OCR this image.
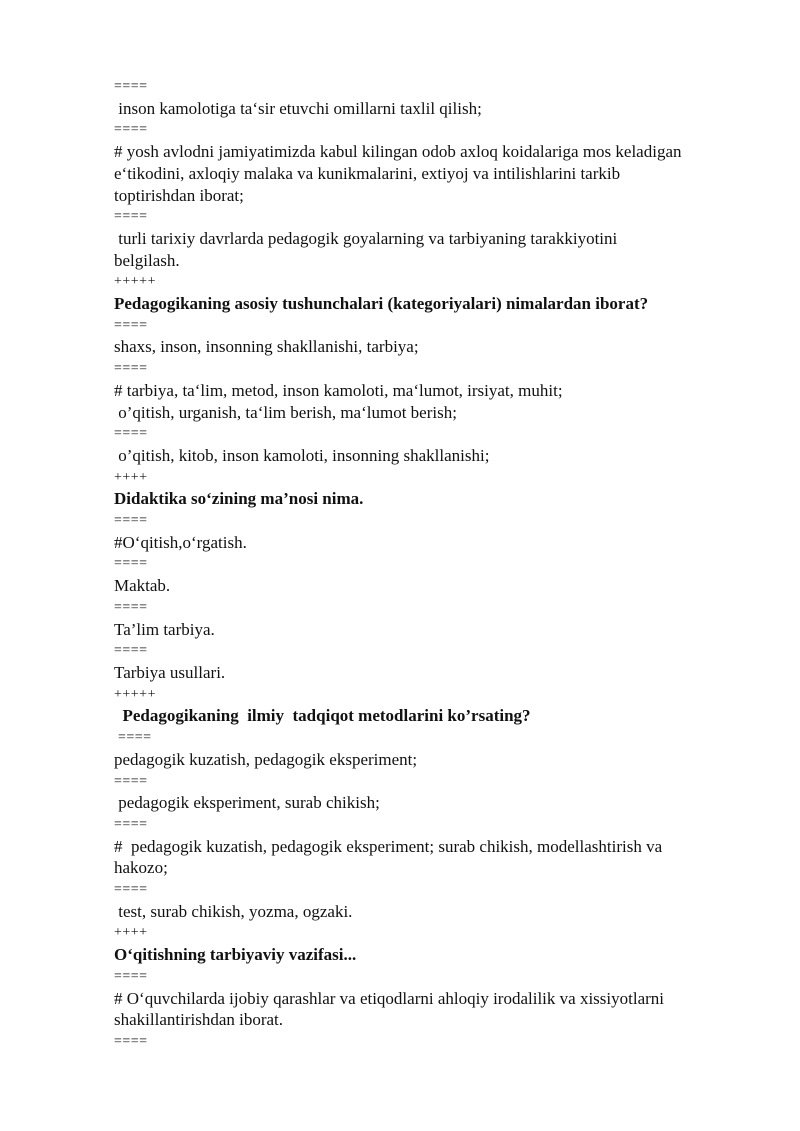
====

inson kamolotiga ta‘sir etuvchi omillarni taxlil qilish;

====

# yosh avlodni jamiyatimizda kabul kilingan odob axloq koidalariga mos keladigan

e‘tikodini, axloqiy malaka va kunikmalarini, extiyoj va intilishlarini tarkib

toptirishdan iborat;

====

turli tarixiy davrlarda pedagogik goyalarning va tarbiyaning tarakkiyotini

belgilash.

+++++

Pedagogikaning asosiy tushunchalari (kategoriyalari) nimalardan iborat?

====

shaxs, inson, insonning shakllanishi, tarbiya;

====

# tarbiya, ta‘lim, metod, inson kamoloti, ma‘lumot, irsiyat, muhit;

o’qitish, urganish, ta‘lim berish, ma‘lumot berish;

====

o’qitish, kitob, inson kamoloti, insonning shakllanishi;

++++

Didaktika so‘zining ma’nosi nima.

====

#O‘qitish,o‘rgatish.

====

Maktab.

====

Ta’lim tarbiya.

====

Tarbiya usullari.

+++++

Pedagogikaning  ilmiy  tadqiqot metodlarini ko’rsating?

====

pedagogik kuzatish, pedagogik eksperiment;

====

pedagogik eksperiment, surab chikish;

====

#  pedagogik kuzatish, pedagogik eksperiment; surab chikish, modellashtirish va

hakozo;

====

test, surab chikish, yozma, ogzaki.

++++

O‘qitishning tarbiyaviy vazifasi...

====

# O‘quvchilarda ijobiy qarashlar va etiqodlarni ahloqiy irodalilik va xissiyotlarni

shakillantirishdan iborat.

====
